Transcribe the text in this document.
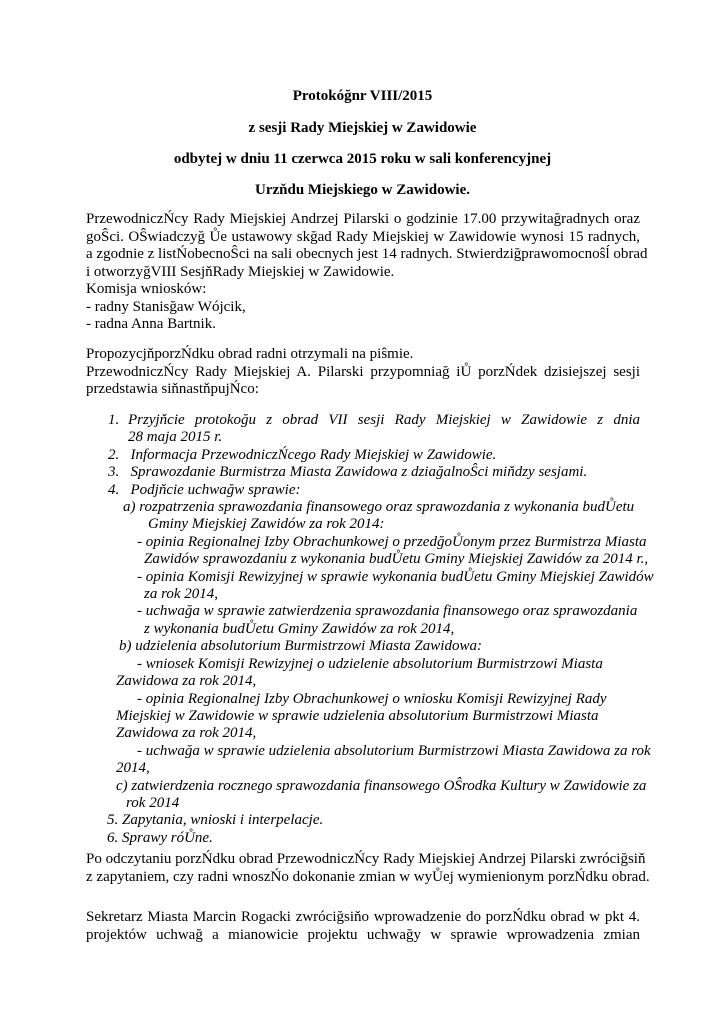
Protokóğnr VIII/2015
z sesji Rady Miejskiej w Zawidowie
odbytej w dniu 11 czerwca 2015 roku w sali konferencyjnej
Urzňdu Miejskiego w Zawidowie.
PrzewodniczŃcy Rady Miejskiej Andrzej Pilarski o godzinie 17.00 przywitağradnych oraz
goŜci. OŜwiadczyğ Ůe ustawowy skğad Rady Miejskiej w Zawidowie wynosi 15 radnych,
a zgodnie z listŃobecnoŜci na sali obecnych jest 14 radnych. Stwierdziğprawomocnoŝĺ obrad
i otworzyğVIII SesjňRady Miejskiej w Zawidowie.
Komisja wniosków:
- radny Stanisğaw Wójcik,
- radna Anna Bartnik.
PropozycjňporzŃdku obrad radni otrzymali na piŝmie.
PrzewodniczŃcy Rady Miejskiej A. Pilarski przypomniağ iŮ porzŃdek dzisiejszej sesji
przedstawia siňnastňpujŃco:
1. Przyjňcie protokoğu z obrad VII sesji Rady Miejskiej w Zawidowie z dnia
28 maja 2015 r.
2. Informacja PrzewodniczŃcego Rady Miejskiej w Zawidowie.
3. Sprawozdanie Burmistrza Miasta Zawidowa z dziağalnoŜci miňdzy sesjami.
4. Podjňcie uchwağw sprawie:
a) rozpatrzenia sprawozdania finansowego oraz sprawozdania z wykonania budŮetu
Gminy Miejskiej Zawidów za rok 2014:
- opinia Regionalnej Izby Obrachunkowej o przedğoŮonym przez Burmistrza Miasta
Zawidów sprawozdaniu z wykonania budŮetu Gminy Miejskiej Zawidów za 2014 r.,
- opinia Komisji Rewizyjnej w sprawie wykonania budŮetu Gminy Miejskiej Zawidów
za rok 2014,
- uchwağa w sprawie zatwierdzenia sprawozdania finansowego oraz sprawozdania
z wykonania budŮetu Gminy Zawidów za rok 2014,
b) udzielenia absolutorium Burmistrzowi Miasta Zawidowa:
- wniosek Komisji Rewizyjnej o udzielenie absolutorium Burmistrzowi Miasta
Zawidowa za rok 2014,
- opinia Regionalnej Izby Obrachunkowej o wniosku Komisji Rewizyjnej Rady
Miejskiej w Zawidowie w sprawie udzielenia absolutorium Burmistrzowi Miasta
Zawidowa za rok 2014,
- uchwağa w sprawie udzielenia absolutorium Burmistrzowi Miasta Zawidowa za rok
2014,
c) zatwierdzenia rocznego sprawozdania finansowego OŜrodka Kultury w Zawidowie za
rok 2014
5. Zapytania, wnioski i interpelacje.
6. Sprawy róŮne.
Po odczytaniu porzŃdku obrad PrzewodniczŃcy Rady Miejskiej Andrzej Pilarski zwróciğsiň
z zapytaniem, czy radni wnoszŃo dokonanie zmian w wyŮej wymienionym porzŃdku obrad.
Sekretarz Miasta Marcin Rogacki zwróciğsiňo wprowadzenie do porzŃdku obrad w pkt 4.
projektów uchwağ a mianowicie projektu uchwağy w sprawie wprowadzenia zmian
